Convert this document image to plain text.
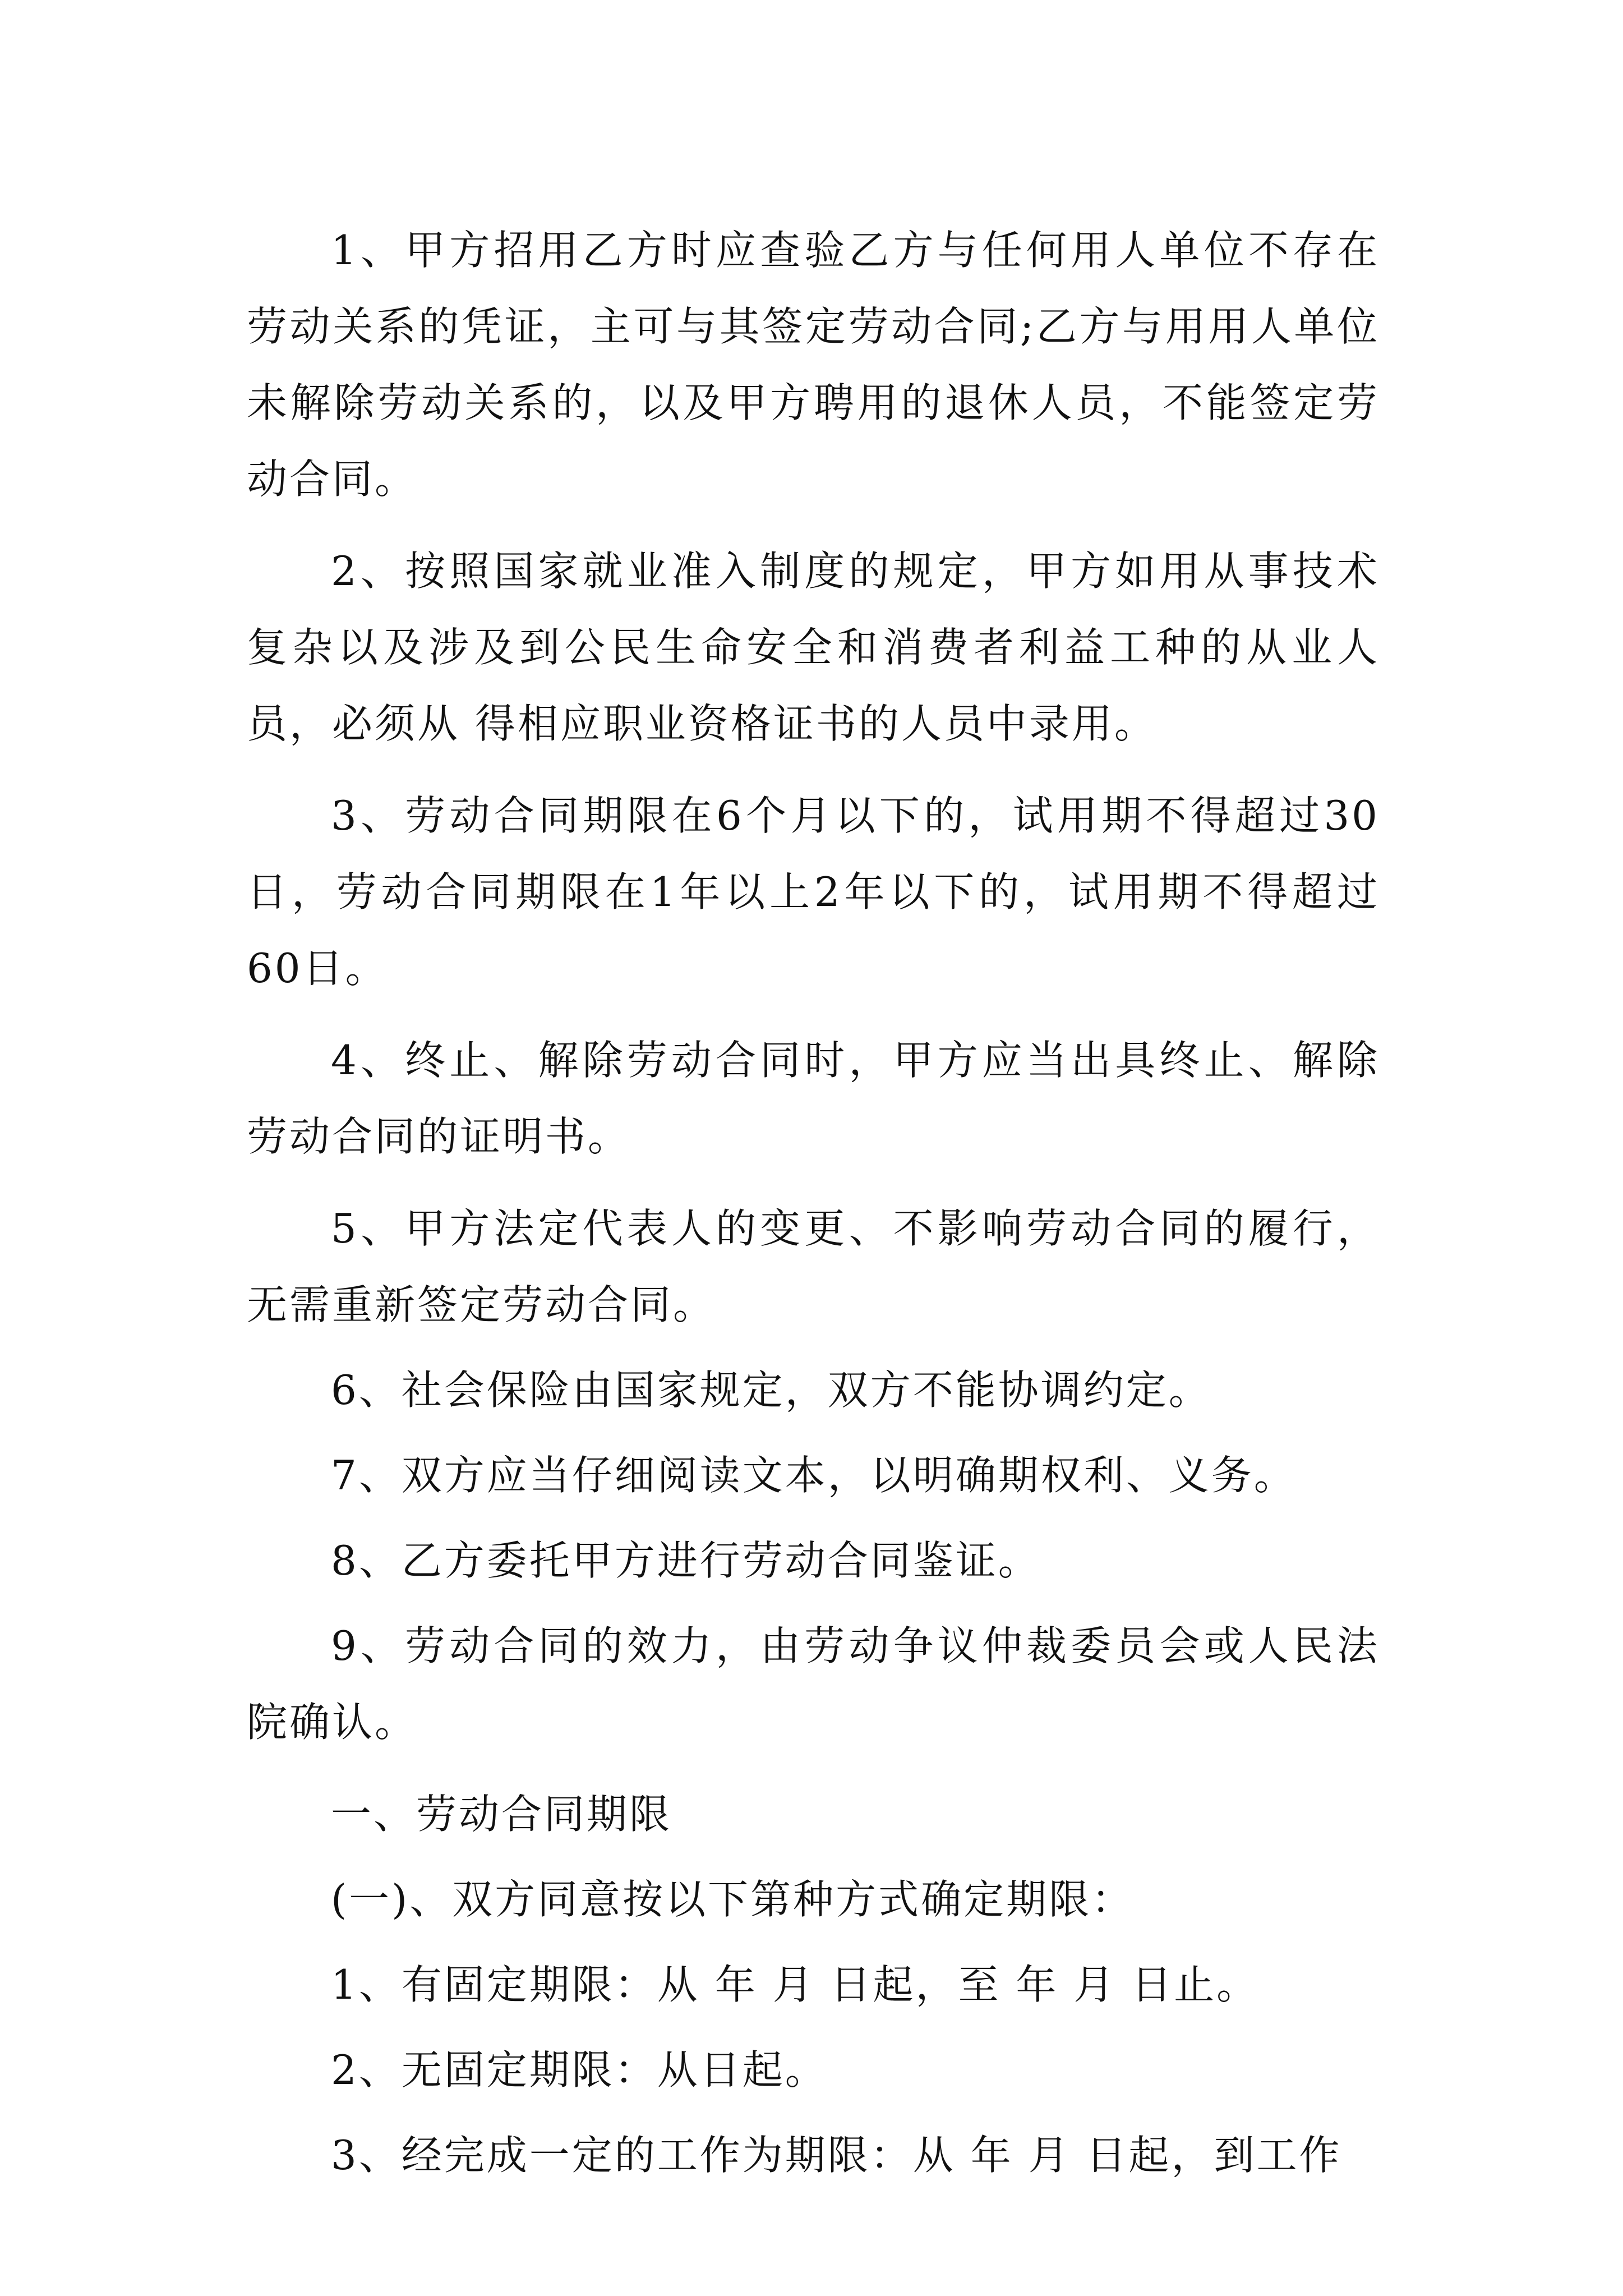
1、甲方招用乙方时应查验乙方与任何用人单位不存在劳动关系的凭证，主可与其签定劳动合同;乙方与用用人单位未解除劳动关系的，以及甲方聘用的退休人员，不能签定劳动合同。

2、按照国家就业准入制度的规定，甲方如用从事技术复杂以及涉及到公民生命安全和消费者利益工种的从业人员，必须从 得相应职业资格证书的人员中录用。

3、劳动合同期限在6个月以下的，试用期不得超过30日，劳动合同期限在1年以上2年以下的，试用期不得超过60日。

4、终止、解除劳动合同时，甲方应当出具终止、解除劳动合同的证明书。

5、甲方法定代表人的变更、不影响劳动合同的履行，无需重新签定劳动合同。

6、社会保险由国家规定，双方不能协调约定。

7、双方应当仔细阅读文本，以明确期权利、义务。

8、乙方委托甲方进行劳动合同鉴证。

9、劳动合同的效力，由劳动争议仲裁委员会或人民法院确认。

一、劳动合同期限

(一)、双方同意按以下第种方式确定期限：

1、有固定期限：从 年 月 日起，至 年 月 日止。

2、无固定期限：从日起。

3、经完成一定的工作为期限：从 年 月 日起，到工作
